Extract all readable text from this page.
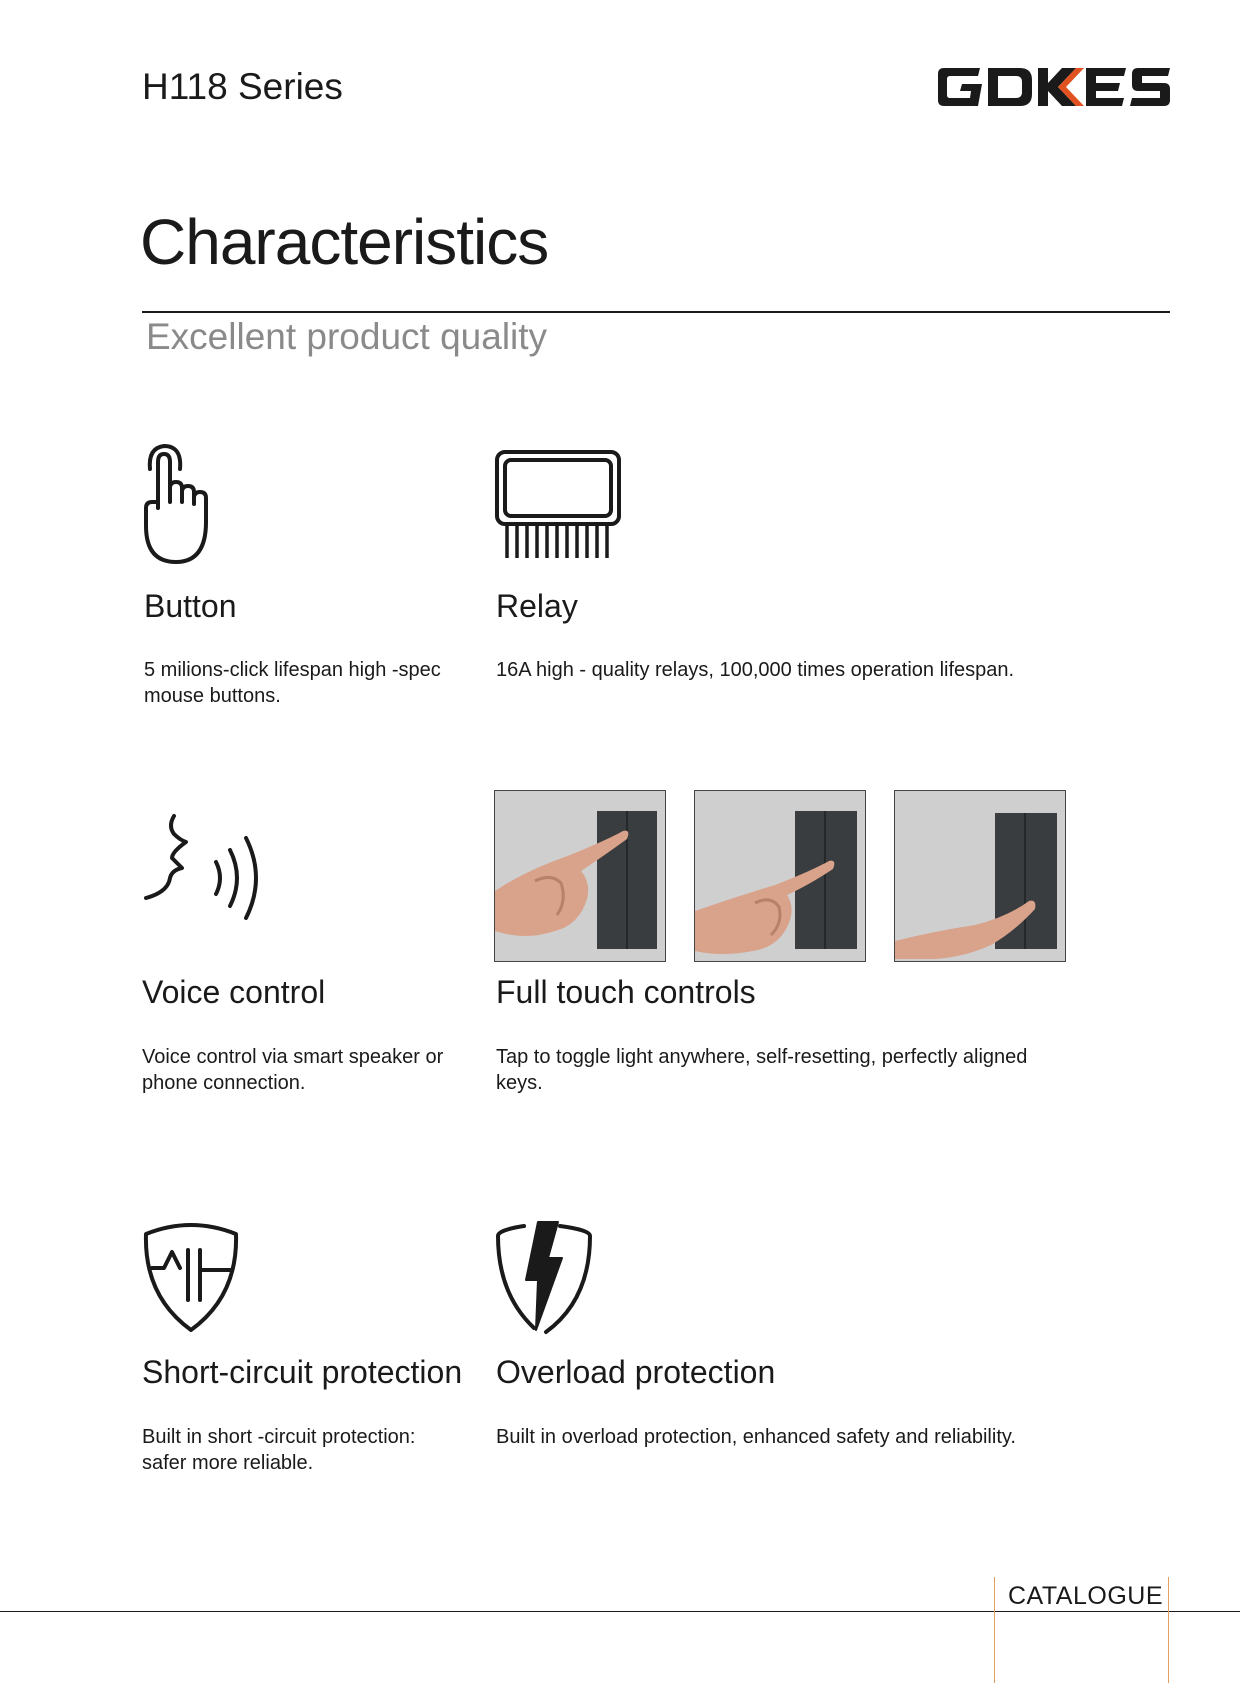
H118 Series
Characteristics
Excellent product quality
Button
5 milions-click lifespan high -spec mouse buttons.
Relay
16A high - quality relays, 100,000 times operation lifespan.
Voice control
Voice control via smart speaker or phone connection.
Full touch controls
Tap to toggle light anywhere, self-resetting, perfectly aligned keys.
Short-circuit protection
Built in short -circuit protection: safer more reliable.
Overload protection
Built in overload protection, enhanced safety and reliability.
CATALOGUE
